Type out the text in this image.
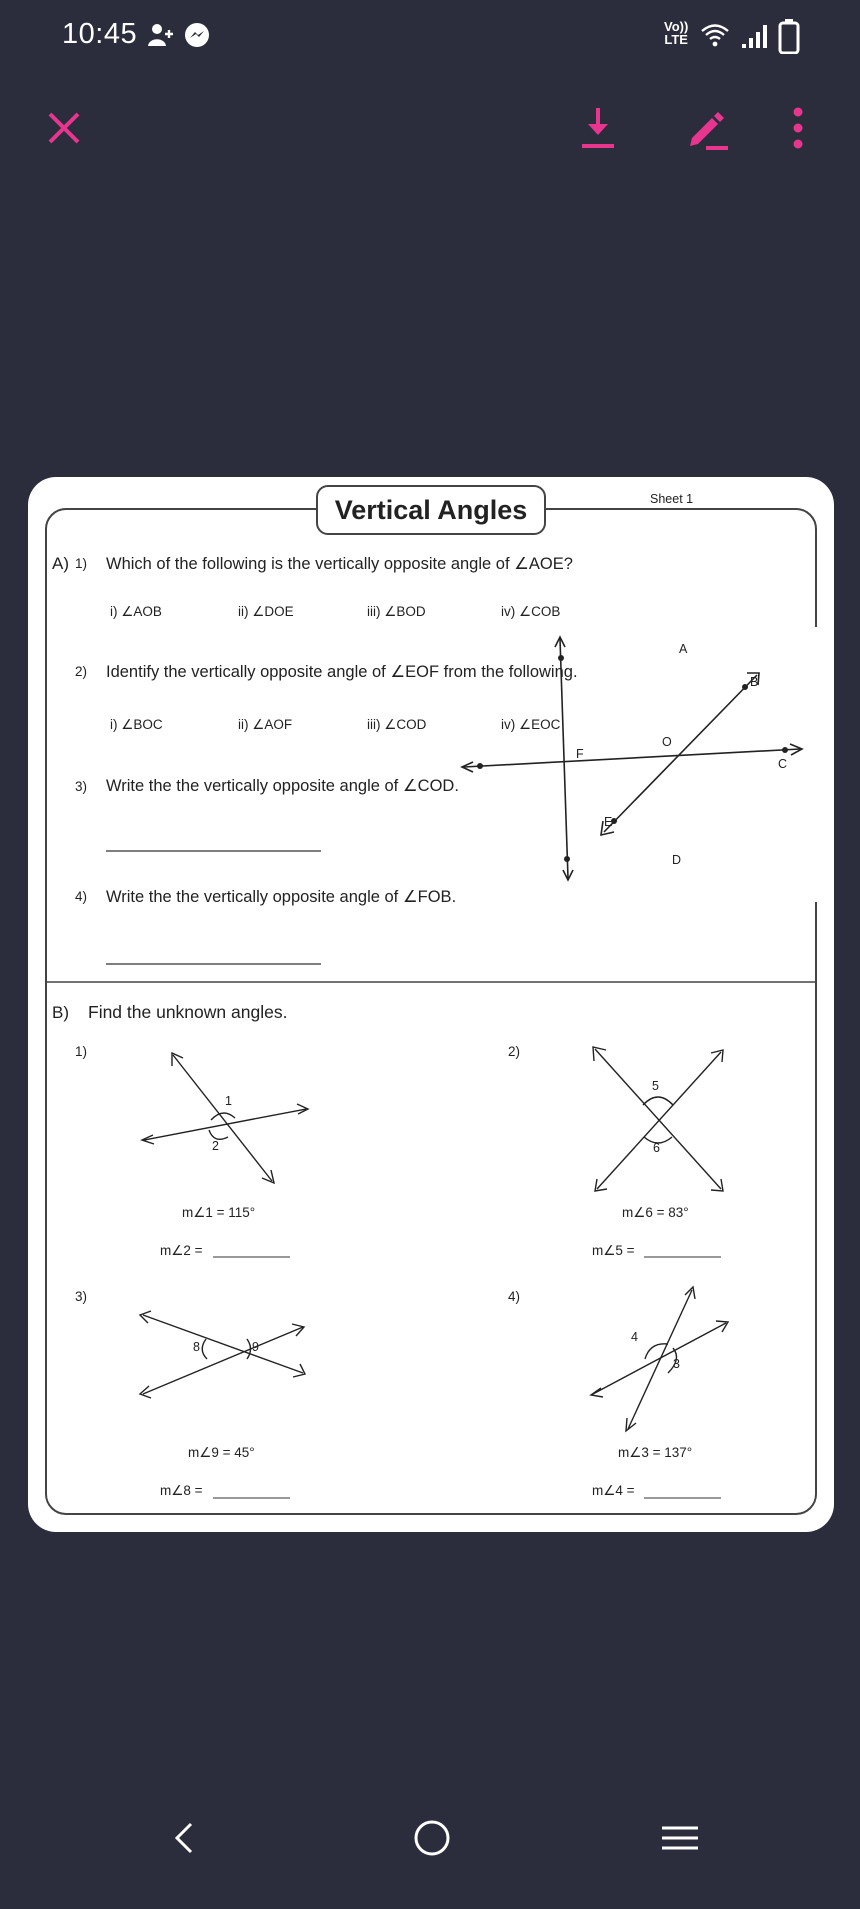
10:45	Vo))
LTE
Vertical Angles	Sheet 1
A) 1) Which of the following is the vertically opposite angle of ∠AOE?
i) ∠AOB	ii) ∠DOE	iii) ∠BOD	iv) ∠COB
2) Identify the vertically opposite angle of ∠EOF from the following.
i) ∠BOC	ii) ∠AOF	iii) ∠COD	iv) ∠EOC
3) Write the the vertically opposite angle of ∠COD.
4) Write the the vertically opposite angle of ∠FOB.
A
B
C
D
E
F
O
B) Find the unknown angles.
1)
1
2
m∠1 = 115°
m∠2 =
2)
5
6
m∠6 = 83°
m∠5 =
3)
8	9
m∠9 = 45°
m∠8 =
4)
4
3
m∠3 = 137°
m∠4 =
